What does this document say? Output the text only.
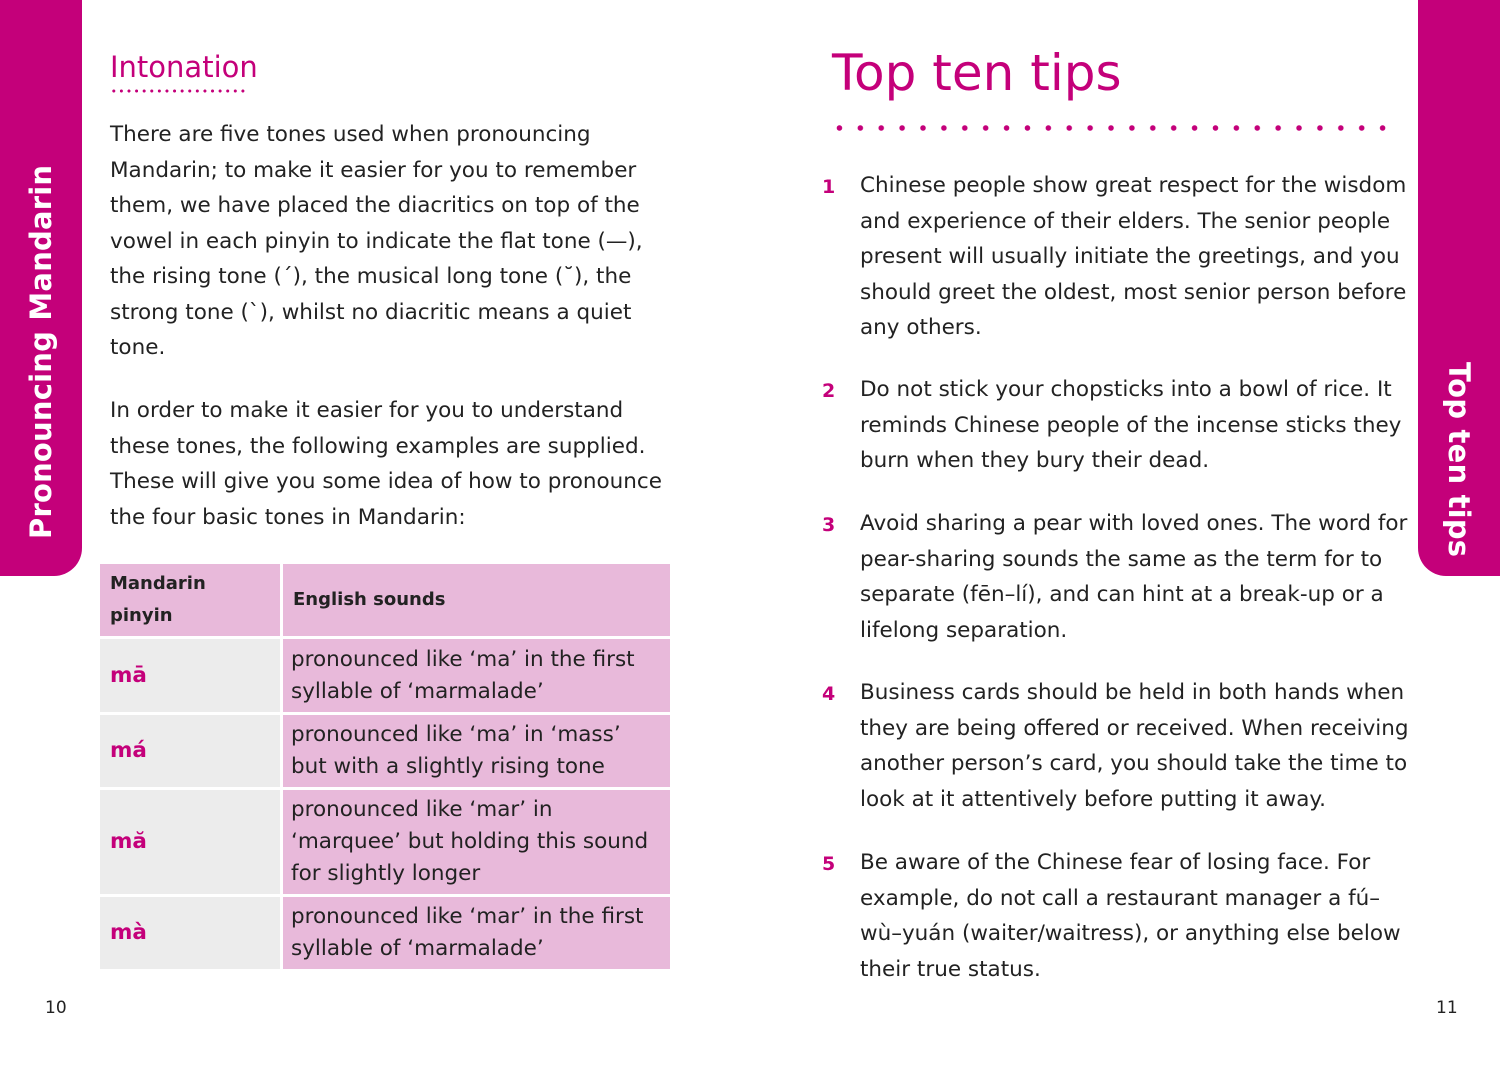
Pronouncing Mandarin
Intonation

There are five tones used when pronouncing Mandarin; to make it easier for you to remember them, we have placed the diacritics on top of the vowel in each pinyin to indicate the flat tone (—), the rising tone (´), the musical long tone (˘), the strong tone (`), whilst no diacritic means a quiet tone.

In order to make it easier for you to understand these tones, the following examples are supplied. These will give you some idea of how to pronounce the four basic tones in Mandarin:

Mandarin pinyin	English sounds
mā	pronounced like ‘ma’ in the first syllable of ‘marmalade’
má	pronounced like ‘ma’ in ‘mass’ but with a slightly rising tone
mă	pronounced like ‘mar’ in ‘marquee’ but holding this sound for slightly longer
mà	pronounced like ‘mar’ in the first syllable of ‘marmalade’
10
Top ten tips
1	Chinese people show great respect for the wisdom and experience of their elders. The senior people present will usually initiate the greetings, and you should greet the oldest, most senior person before any others.

2	Do not stick your chopsticks into a bowl of rice. It reminds Chinese people of the incense sticks they burn when they bury their dead.

3	Avoid sharing a pear with loved ones. The word for pear-sharing sounds the same as the term for to separate (fēn–lí), and can hint at a break-up or a lifelong separation.

4	Business cards should be held in both hands when they are being offered or received. When receiving another person’s card, you should take the time to look at it attentively before putting it away.

5	Be aware of the Chinese fear of losing face. For example, do not call a restaurant manager a fú–wù–yuán (waiter/waitress), or anything else below their true status.

Top ten tips
11
